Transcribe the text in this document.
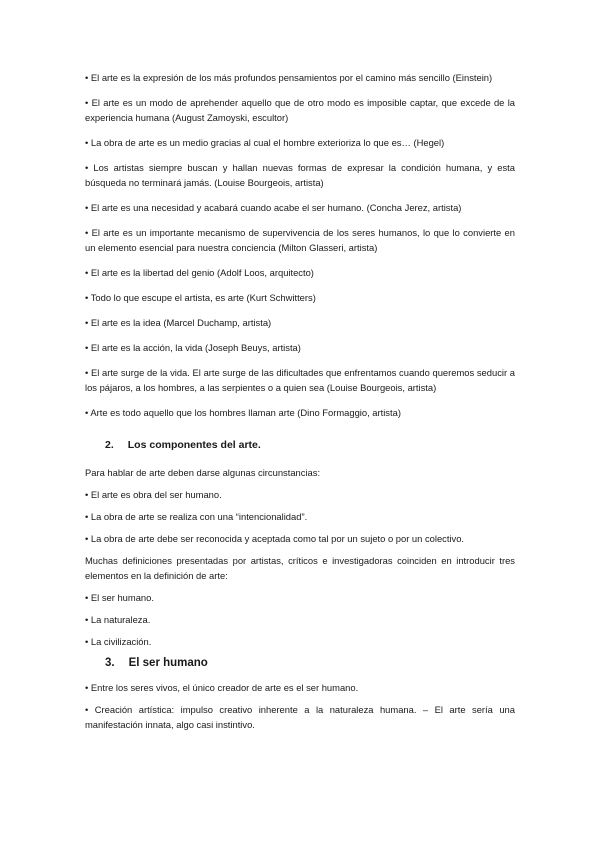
• El arte es la expresión de los más profundos pensamientos por el camino más sencillo (Einstein)

• El arte es un modo de aprehender aquello que de otro modo es imposible captar, que excede de la experiencia humana (August Zamoyski, escultor)

• La obra de arte es un medio gracias al cual el hombre exterioriza lo que es… (Hegel)

• Los artistas siempre buscan y hallan nuevas formas de expresar la condición humana, y esta búsqueda no terminará jamás. (Louise Bourgeois, artista)

• El arte es una necesidad y acabará cuando acabe el ser humano. (Concha Jerez, artista)

• El arte es un importante mecanismo de supervivencia de los seres humanos, lo que lo convierte en un elemento esencial para nuestra conciencia (Milton Glasseri, artista)

• El arte es la libertad del genio (Adolf Loos, arquitecto)

• Todo lo que escupe el artista, es arte (Kurt Schwitters)

• El arte es la idea (Marcel Duchamp, artista)

• El arte es la acción, la vida (Joseph Beuys, artista)

• El arte surge de la vida. El arte surge de las dificultades que enfrentamos cuando queremos seducir a los pájaros, a los hombres, a las serpientes o a quien sea (Louise Bourgeois, artista)

• Arte es todo aquello que los hombres llaman arte (Dino Formaggio, artista)

2. Los componentes del arte.

Para hablar de arte deben darse algunas circunstancias:

• El arte es obra del ser humano.

• La obra de arte se realiza con una “intencionalidad”.

• La obra de arte debe ser reconocida y aceptada como tal por un sujeto o por un colectivo.

Muchas definiciones presentadas por artistas, críticos e investigadoras coinciden en introducir tres elementos en la definición de arte:

• El ser humano.

• La naturaleza.

• La civilización.

3. El ser humano

• Entre los seres vivos, el único creador de arte es el ser humano.

• Creación artística: impulso creativo inherente a la naturaleza humana. – El arte sería una manifestación innata, algo casi instintivo.
